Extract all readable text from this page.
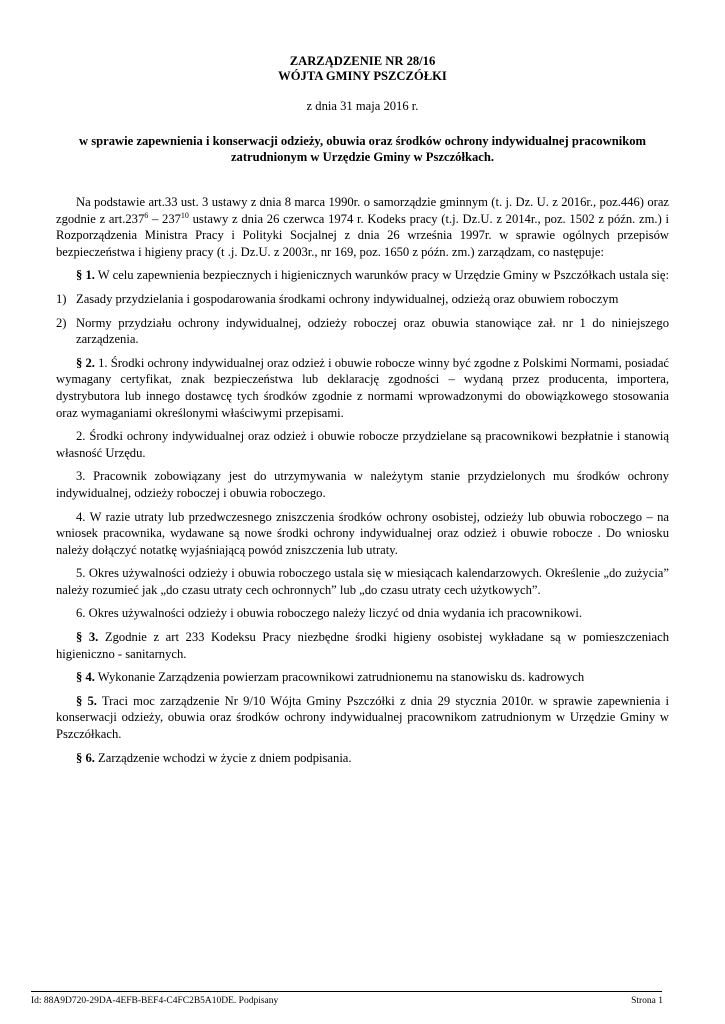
ZARZĄDZENIE NR 28/16
WÓJTA GMINY PSZCZÓŁKI
z dnia 31 maja 2016 r.
w sprawie zapewnienia i konserwacji odzieży, obuwia oraz środków ochrony indywidualnej pracownikom zatrudnionym w Urzędzie Gminy w Pszczółkach.

Na podstawie art.33 ust. 3 ustawy z dnia 8 marca 1990r. o samorządzie gminnym (t. j. Dz. U. z 2016r., poz.446) oraz zgodnie z $art.237^6 - 237^{10}$ ustawy z dnia 26 czerwca 1974 r. Kodeks pracy (t.j. Dz.U. z 2014r., poz. 1502 z późn. zm.) i Rozporządzenia Ministra Pracy i Polityki Socjalnej z dnia 26 września 1997r. w sprawie ogólnych przepisów bezpieczeństwa i higieny pracy (t .j. Dz.U. z 2003r., nr 169, poz. 1650 z późn. zm.) zarządzam, co następuje:

§ 1. W celu zapewnienia bezpiecznych i higienicznych warunków pracy w Urzędzie Gminy w Pszczółkach ustala się:

1) Zasady przydzielania i gospodarowania środkami ochrony indywidualnej, odzieżą oraz obuwiem roboczym
2) Normy przydziału ochrony indywidualnej, odzieży roboczej oraz obuwia stanowiące zał. nr 1 do niniejszego zarządzenia.

§ 2. 1. Środki ochrony indywidualnej oraz odzież i obuwie robocze winny być zgodne z Polskimi Normami, posiadać wymagany certyfikat, znak bezpieczeństwa lub deklarację zgodności – wydaną przez producenta, importera, dystrybutora lub innego dostawcę tych środków zgodnie z normami wprowadzonymi do obowiązkowego stosowania oraz wymaganiami określonymi właściwymi przepisami.

2. Środki ochrony indywidualnej oraz odzież i obuwie robocze przydzielane są pracownikowi bezpłatnie i stanowią własność Urzędu.

3. Pracownik zobowiązany jest do utrzymywania w należytym stanie przydzielonych mu środków ochrony indywidualnej, odzieży roboczej i obuwia roboczego.

4. W razie utraty lub przedwczesnego zniszczenia środków ochrony osobistej, odzieży lub obuwia roboczego – na wniosek pracownika, wydawane są nowe środki ochrony indywidualnej oraz odzież i obuwie robocze . Do wniosku należy dołączyć notatkę wyjaśniającą powód zniszczenia lub utraty.

5. Okres używalności odzieży i obuwia roboczego ustala się w miesiącach kalendarzowych. Określenie „do zużycia” należy rozumieć jak „do czasu utraty cech ochronnych” lub „do czasu utraty cech użytkowych”.

6. Okres używalności odzieży i obuwia roboczego należy liczyć od dnia wydania ich pracownikowi.

§ 3. Zgodnie z art 233 Kodeksu Pracy niezbędne środki higieny osobistej wykładane są w pomieszczeniach higieniczno - sanitarnych.

§ 4. Wykonanie Zarządzenia powierzam pracownikowi zatrudnionemu na stanowisku ds. kadrowych

§ 5. Traci moc zarządzenie Nr 9/10 Wójta Gminy Pszczółki z dnia 29 stycznia 2010r. w sprawie zapewnienia i konserwacji odzieży, obuwia oraz środków ochrony indywidualnej pracownikom zatrudnionym w Urzędzie Gminy w Pszczółkach.

§ 6. Zarządzenie wchodzi w życie z dniem podpisania.

Id: 88A9D720-29DA-4EFB-BEF4-C4FC2B5A10DE. Podpisany	Strona 1
